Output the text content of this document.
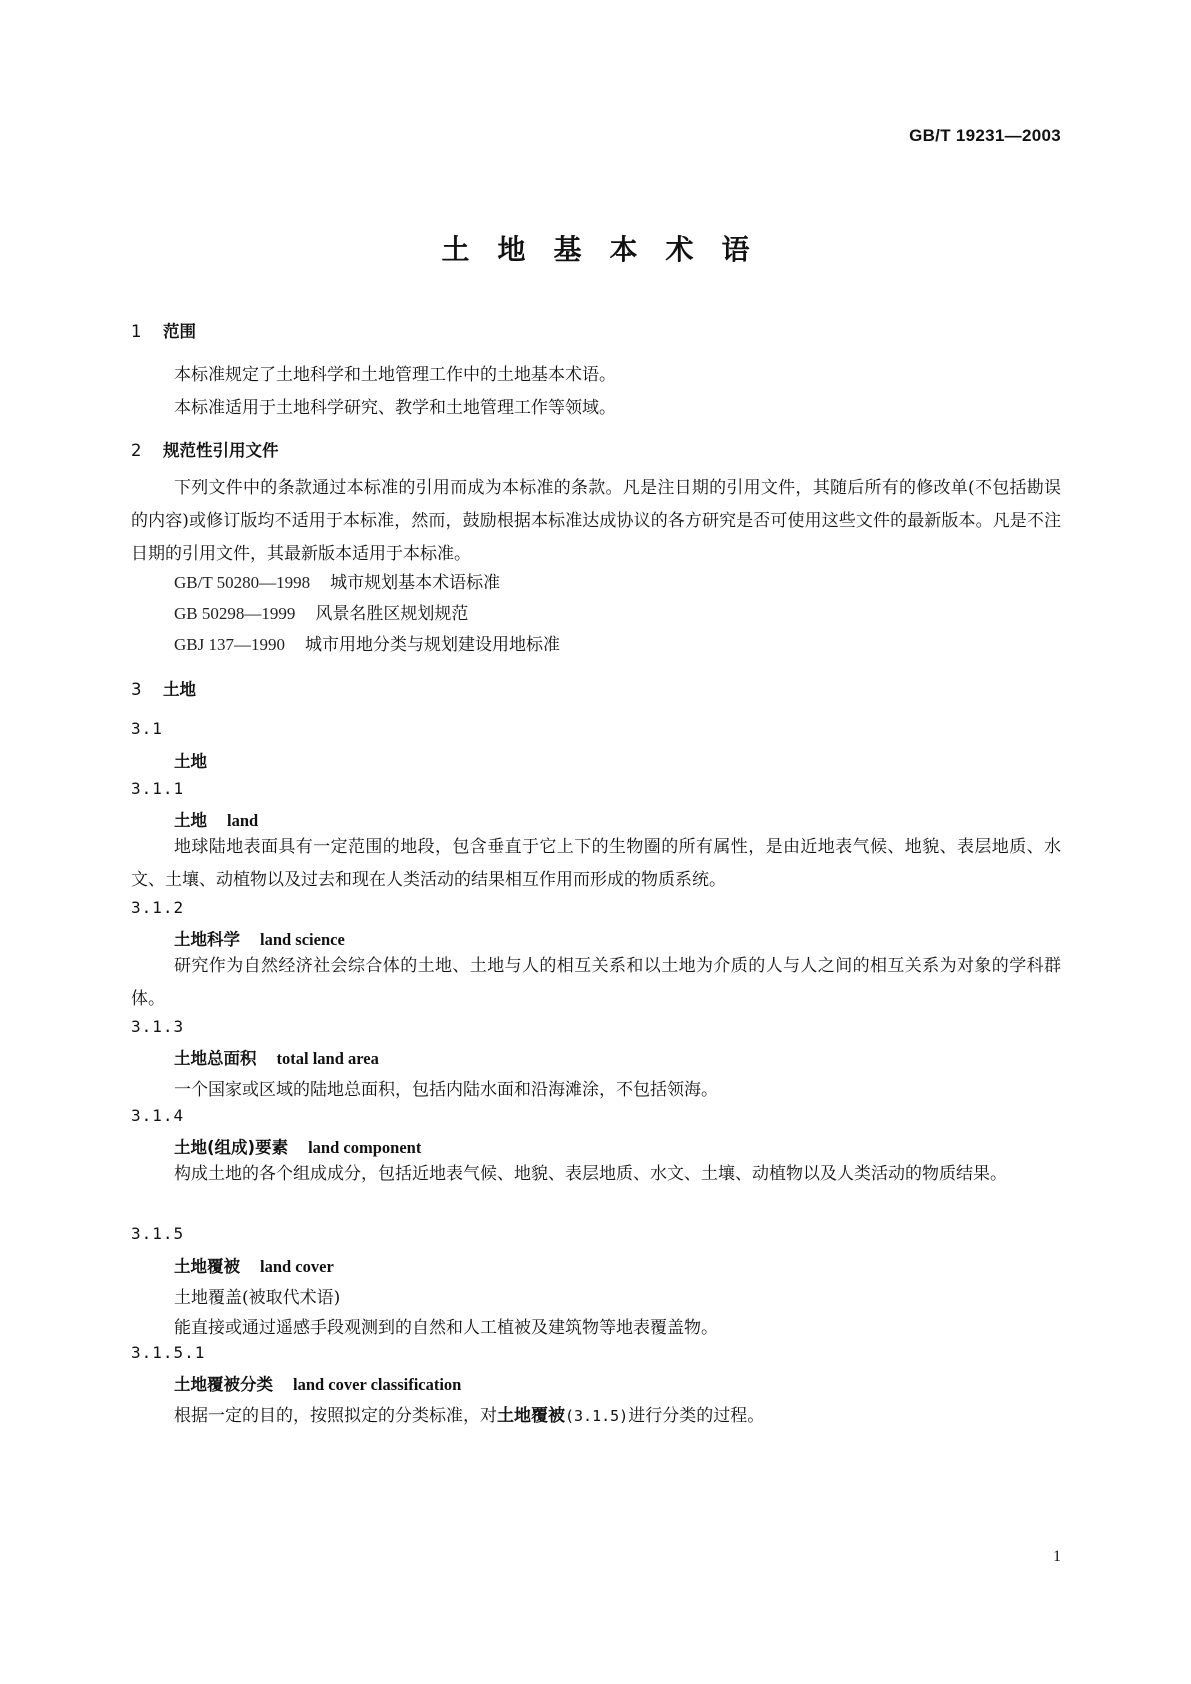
GB/T 19231—2003
土地基本术语
1 范围
本标准规定了土地科学和土地管理工作中的土地基本术语。
本标准适用于土地科学研究、教学和土地管理工作等领域。
2 规范性引用文件
下列文件中的条款通过本标准的引用而成为本标准的条款。凡是注日期的引用文件，其随后所有的修改单(不包括勘误的内容)或修订版均不适用于本标准，然而，鼓励根据本标准达成协议的各方研究是否可使用这些文件的最新版本。凡是不注日期的引用文件，其最新版本适用于本标准。
GB/T 50280—1998 城市规划基本术语标准
GB 50298—1999 风景名胜区规划规范
GBJ 137—1990 城市用地分类与规划建设用地标准
3 土地
3.1
土地
3.1.1
土地 land
地球陆地表面具有一定范围的地段，包含垂直于它上下的生物圈的所有属性，是由近地表气候、地貌、表层地质、水文、土壤、动植物以及过去和现在人类活动的结果相互作用而形成的物质系统。
3.1.2
土地科学 land science
研究作为自然经济社会综合体的土地、土地与人的相互关系和以土地为介质的人与人之间的相互关系为对象的学科群体。
3.1.3
土地总面积 total land area
一个国家或区域的陆地总面积，包括内陆水面和沿海滩涂，不包括领海。
3.1.4
土地(组成)要素 land component
构成土地的各个组成成分，包括近地表气候、地貌、表层地质、水文、土壤、动植物以及人类活动的物质结果。
3.1.5
土地覆被 land cover
土地覆盖(被取代术语)
能直接或通过遥感手段观测到的自然和人工植被及建筑物等地表覆盖物。
3.1.5.1
土地覆被分类 land cover classification
根据一定的目的，按照拟定的分类标准，对土地覆被(3.1.5)进行分类的过程。
1
